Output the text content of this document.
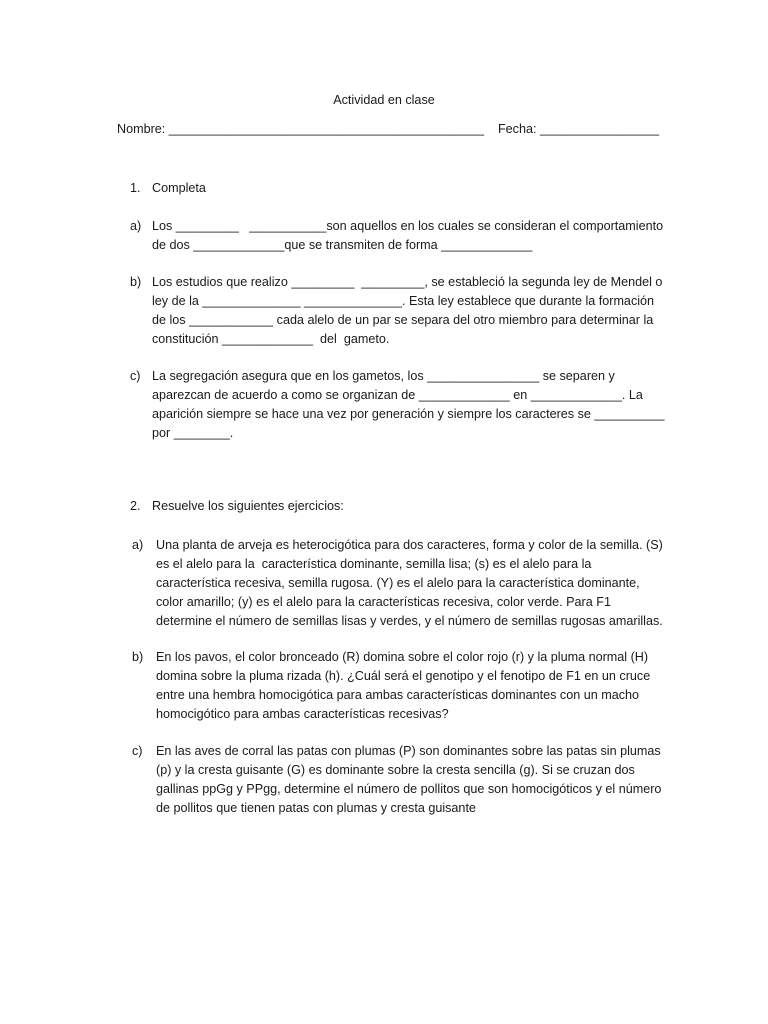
Actividad en clase
Nombre: _____________________________________________ Fecha: _________________
1. Completa
a) Los _________   ___________son aquellos en los cuales se consideran el comportamiento
de dos _____________que se transmiten de forma _____________
b) Los estudios que realizo _________  _________, se estableció la segunda ley de Mendel o
ley de la ______________ ______________. Esta ley establece que durante la formación
de los ____________ cada alelo de un par se separa del otro miembro para determinar la
constitución _____________  del  gameto.
c) La segregación asegura que en los gametos, los ________________ se separen y
aparezcan de acuerdo a como se organizan de _____________ en _____________. La
aparición siempre se hace una vez por generación y siempre los caracteres se __________
por ________.
2. Resuelve los siguientes ejercicios:
a) Una planta de arveja es heterocigótica para dos caracteres, forma y color de la semilla. (S)
es el alelo para la  característica dominante, semilla lisa; (s) es el alelo para la
característica recesiva, semilla rugosa. (Y) es el alelo para la característica dominante,
color amarillo; (y) es el alelo para la características recesiva, color verde. Para F1
determine el número de semillas lisas y verdes, y el número de semillas rugosas amarillas.
b) En los pavos, el color bronceado (R) domina sobre el color rojo (r) y la pluma normal (H)
domina sobre la pluma rizada (h). ¿Cuál será el genotipo y el fenotipo de F1 en un cruce
entre una hembra homocigótica para ambas características dominantes con un macho
homocigótico para ambas características recesivas?
c) En las aves de corral las patas con plumas (P) son dominantes sobre las patas sin plumas
(p) y la cresta guisante (G) es dominante sobre la cresta sencilla (g). Si se cruzan dos
gallinas ppGg y PPgg, determine el número de pollitos que son homocigóticos y el número
de pollitos que tienen patas con plumas y cresta guisante
